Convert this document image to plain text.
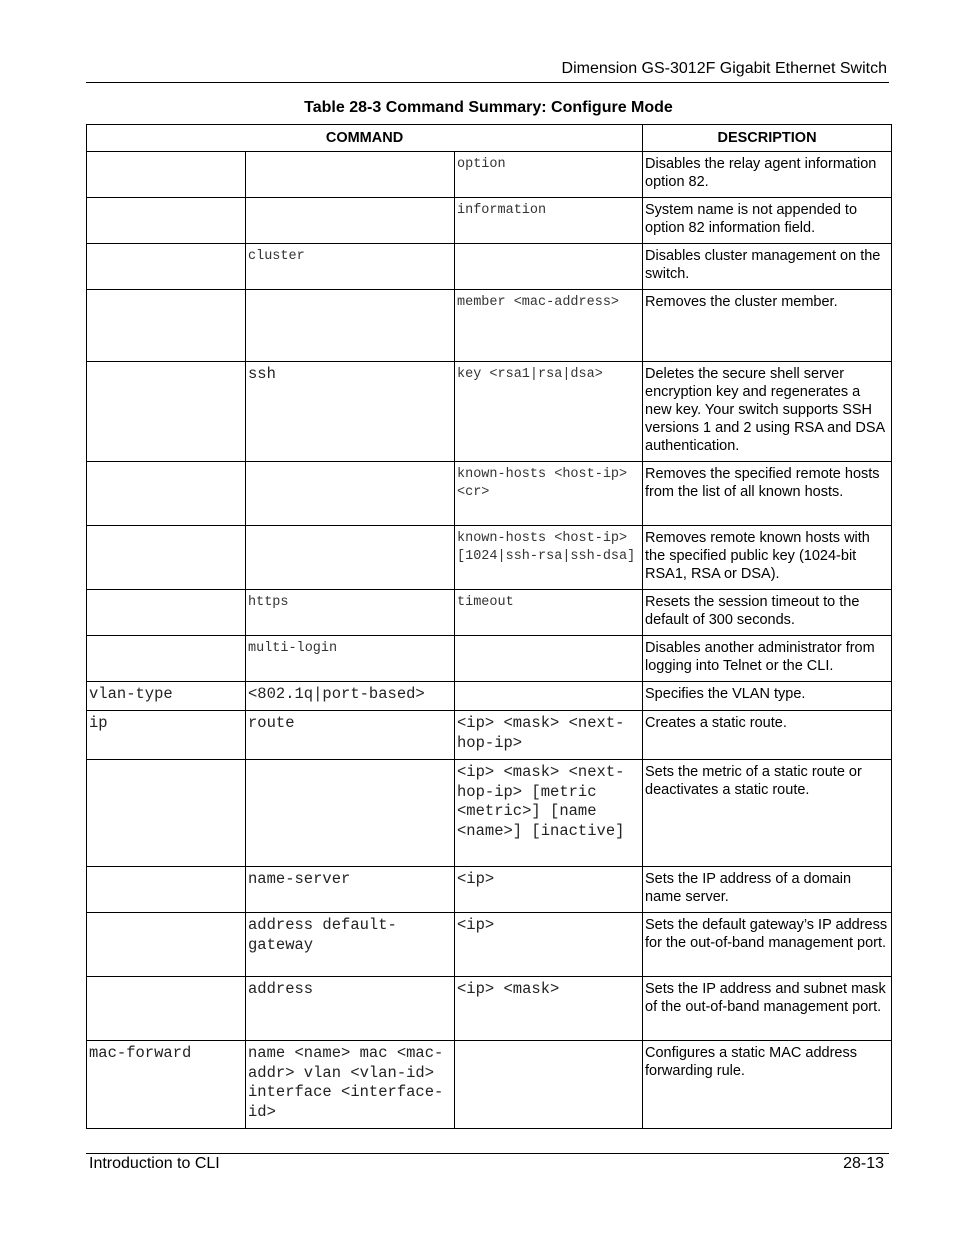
Dimension GS-3012F Gigabit Ethernet Switch
Table 28-3 Command Summary: Configure Mode
COMMAND			DESCRIPTION
		option	Disables the relay agent information option 82.
		information	System name is not appended to option 82 information field.
	cluster		Disables cluster management on the switch.
		member <mac-address>	Removes the cluster member.
	ssh	key <rsa1|rsa|dsa>	Deletes the secure shell server encryption key and regenerates a new key. Your switch supports SSH versions 1 and 2 using RSA and DSA authentication.
		known-hosts <host-ip> <cr>	Removes the specified remote hosts from the list of all known hosts.
		known-hosts <host-ip> [1024|ssh-rsa|ssh-dsa]	Removes remote known hosts with the specified public key (1024-bit RSA1, RSA or DSA).
	https	timeout	Resets the session timeout to the default of 300 seconds.
	multi-login		Disables another administrator from logging into Telnet or the CLI.
vlan-type	<802.1q|port-based>		Specifies the VLAN type.
ip	route	<ip> <mask> <next-hop-ip>	Creates a static route.
		<ip> <mask> <next-hop-ip> [metric <metric>] [name <name>] [inactive]	Sets the metric of a static route or deactivates a static route.
	name-server	<ip>	Sets the IP address of a domain name server.
	address default-gateway	<ip>	Sets the default gateway’s IP address for the out-of-band management port.
	address	<ip> <mask>	Sets the IP address and subnet mask of the out-of-band management port.
mac-forward	name <name> mac <mac-addr> vlan <vlan-id> interface <interface-id>		Configures a static MAC address forwarding rule.
Introduction to CLI	28-13
